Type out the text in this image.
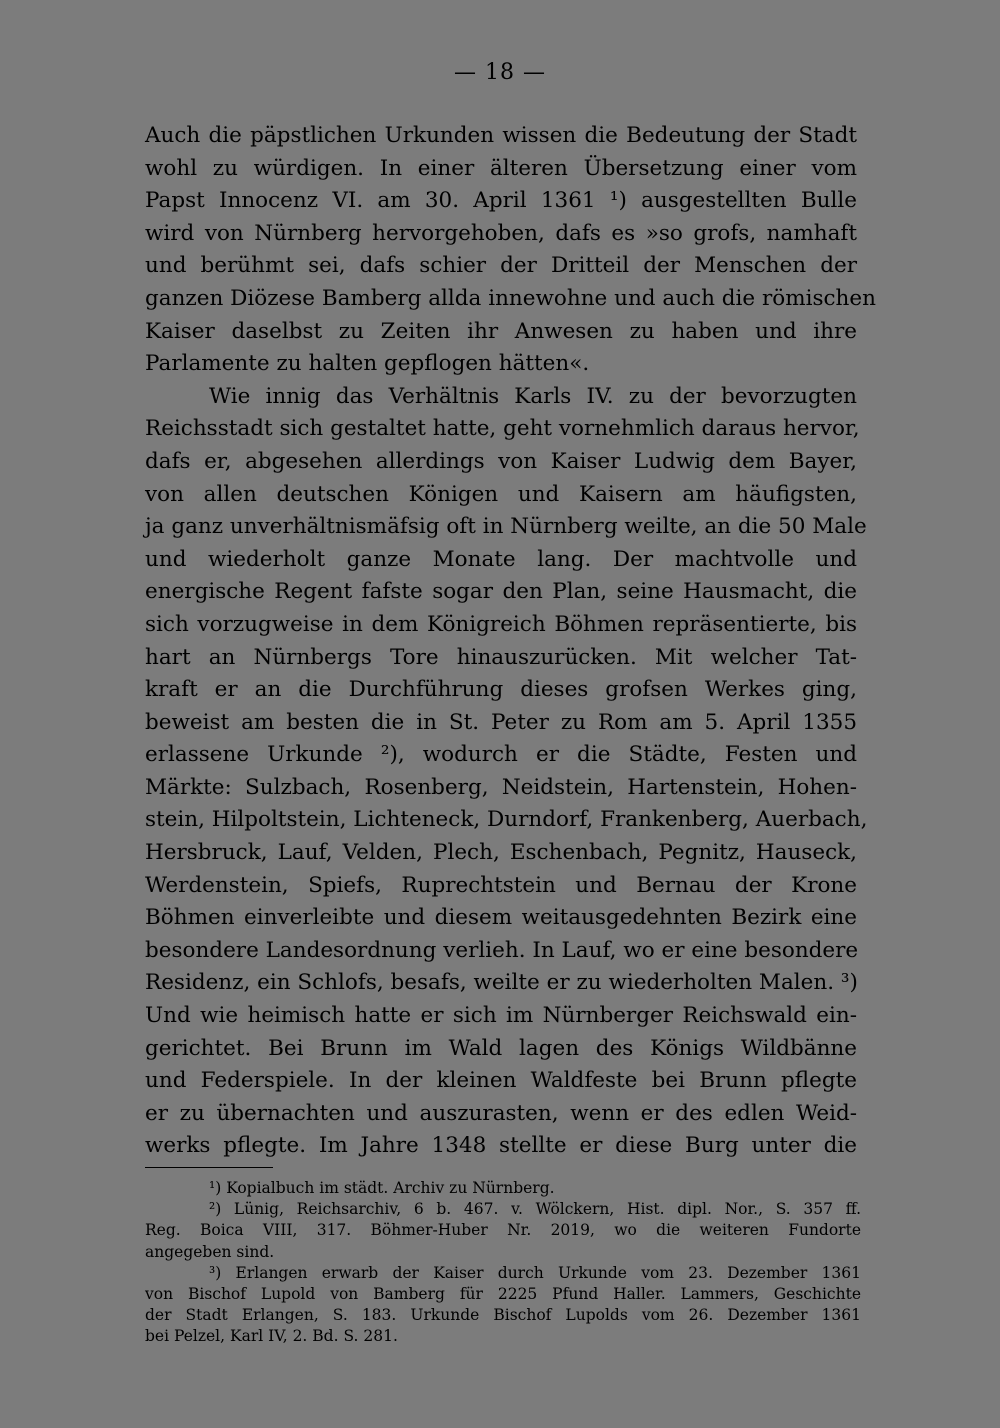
— 18 —
Auch die päpstlichen Urkunden wissen die Bedeutung der Stadt
wohl zu würdigen. In einer älteren Übersetzung einer vom
Papst Innocenz VI. am 30. April 1361 ¹) ausgestellten Bulle
wird von Nürnberg hervorgehoben, dafs es »so grofs, namhaft
und berühmt sei, dafs schier der Dritteil der Menschen der
ganzen Diözese Bamberg allda innewohne und auch die römischen
Kaiser daselbst zu Zeiten ihr Anwesen zu haben und ihre
Parlamente zu halten gepflogen hätten«.
Wie innig das Verhältnis Karls IV. zu der bevorzugten
Reichsstadt sich gestaltet hatte, geht vornehmlich daraus hervor,
dafs er, abgesehen allerdings von Kaiser Ludwig dem Bayer,
von allen deutschen Königen und Kaisern am häufigsten,
ja ganz unverhältnismäfsig oft in Nürnberg weilte, an die 50 Male
und wiederholt ganze Monate lang. Der machtvolle und
energische Regent fafste sogar den Plan, seine Hausmacht, die
sich vorzugweise in dem Königreich Böhmen repräsentierte, bis
hart an Nürnbergs Tore hinauszurücken. Mit welcher Tat-
kraft er an die Durchführung dieses grofsen Werkes ging,
beweist am besten die in St. Peter zu Rom am 5. April 1355
erlassene Urkunde ²), wodurch er die Städte, Festen und
Märkte: Sulzbach, Rosenberg, Neidstein, Hartenstein, Hohen-
stein, Hilpoltstein, Lichteneck, Durndorf, Frankenberg, Auerbach,
Hersbruck, Lauf, Velden, Plech, Eschenbach, Pegnitz, Hauseck,
Werdenstein, Spiefs, Ruprechtstein und Bernau der Krone
Böhmen einverleibte und diesem weitausgedehnten Bezirk eine
besondere Landesordnung verlieh. In Lauf, wo er eine besondere
Residenz, ein Schlofs, besafs, weilte er zu wiederholten Malen. ³)
Und wie heimisch hatte er sich im Nürnberger Reichswald ein-
gerichtet. Bei Brunn im Wald lagen des Königs Wildbänne
und Federspiele. In der kleinen Waldfeste bei Brunn pflegte
er zu übernachten und auszurasten, wenn er des edlen Weid-
werks pflegte. Im Jahre 1348 stellte er diese Burg unter die
¹) Kopialbuch im städt. Archiv zu Nürnberg.
²) Lünig, Reichsarchiv, 6 b. 467. v. Wölckern, Hist. dipl. Nor., S. 357 ff.
Reg. Boica VIII, 317. Böhmer-Huber Nr. 2019, wo die weiteren Fundorte
angegeben sind.
³) Erlangen erwarb der Kaiser durch Urkunde vom 23. Dezember 1361
von Bischof Lupold von Bamberg für 2225 Pfund Haller. Lammers, Geschichte
der Stadt Erlangen, S. 183. Urkunde Bischof Lupolds vom 26. Dezember 1361
bei Pelzel, Karl IV, 2. Bd. S. 281.
